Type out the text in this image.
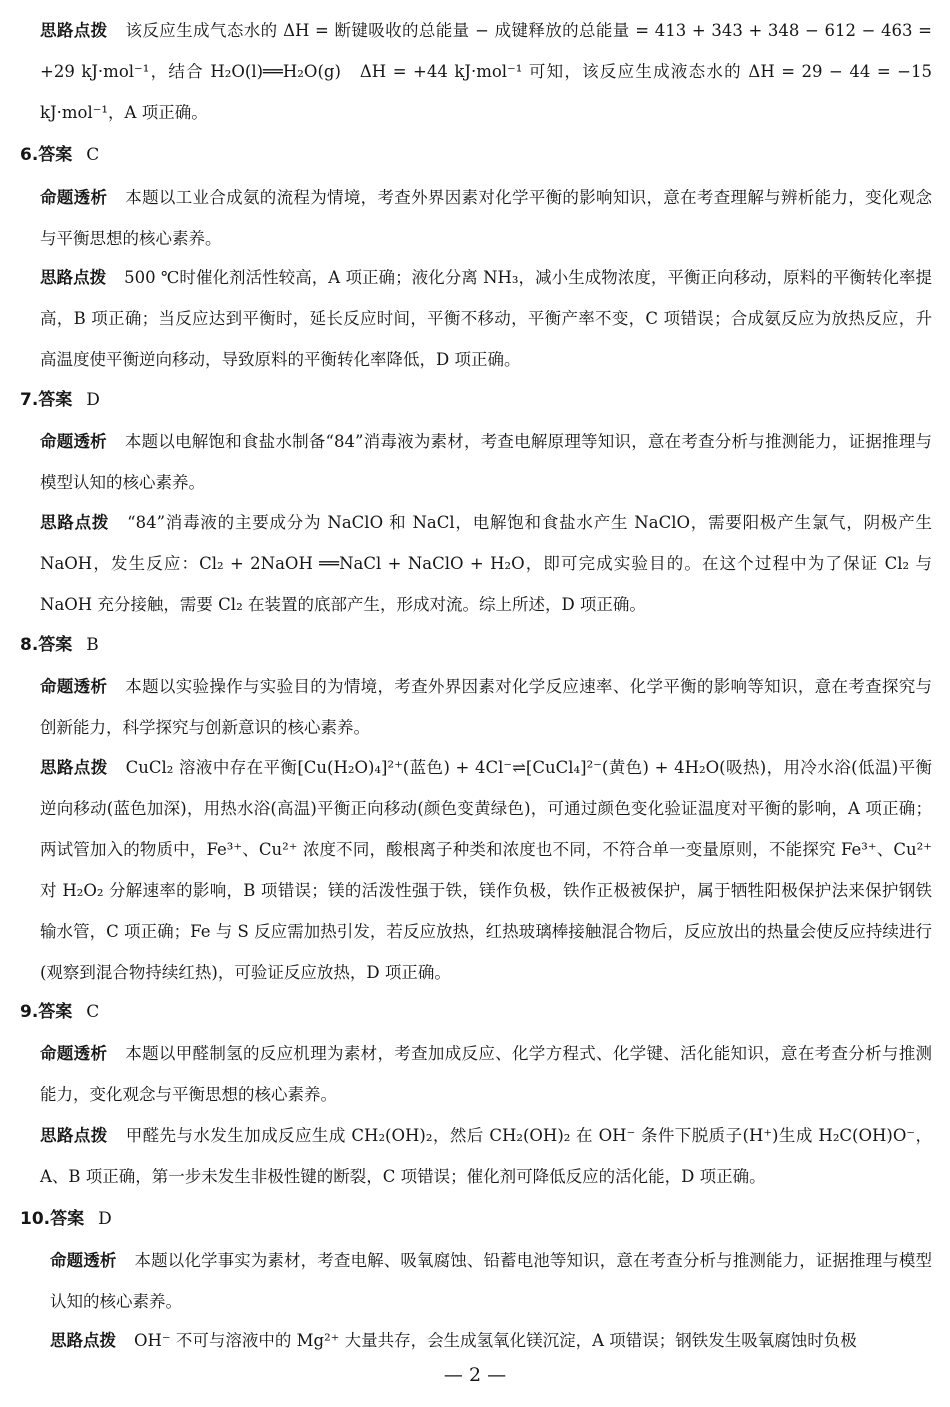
思路点拨 该反应生成气态水的 ΔH = 断键吸收的总能量 − 成键释放的总能量 = 413 + 343 + 348 − 612 − 463 = +29 kJ·mol⁻¹，结合 H₂O(l)══H₂O(g)　ΔH = +44 kJ·mol⁻¹ 可知，该反应生成液态水的 ΔH = 29 − 44 = −15 kJ·mol⁻¹，A 项正确。
6.答案 C
命题透析 本题以工业合成氨的流程为情境，考查外界因素对化学平衡的影响知识，意在考查理解与辨析能力，变化观念与平衡思想的核心素养。
思路点拨 500 ℃时催化剂活性较高，A 项正确；液化分离 NH₃，减小生成物浓度，平衡正向移动，原料的平衡转化率提高，B 项正确；当反应达到平衡时，延长反应时间，平衡不移动，平衡产率不变，C 项错误；合成氨反应为放热反应，升高温度使平衡逆向移动，导致原料的平衡转化率降低，D 项正确。
7.答案 D
命题透析 本题以电解饱和食盐水制备“84”消毒液为素材，考查电解原理等知识，意在考查分析与推测能力，证据推理与模型认知的核心素养。
思路点拨 “84”消毒液的主要成分为 NaClO 和 NaCl，电解饱和食盐水产生 NaClO，需要阳极产生氯气，阴极产生 NaOH，发生反应：Cl₂ + 2NaOH ══NaCl + NaClO + H₂O，即可完成实验目的。在这个过程中为了保证 Cl₂ 与 NaOH 充分接触，需要 Cl₂ 在装置的底部产生，形成对流。综上所述，D 项正确。
8.答案 B
命题透析 本题以实验操作与实验目的为情境，考查外界因素对化学反应速率、化学平衡的影响等知识，意在考查探究与创新能力，科学探究与创新意识的核心素养。
思路点拨 CuCl₂ 溶液中存在平衡[Cu(H₂O)₄]²⁺(蓝色) + 4Cl⁻⇌[CuCl₄]²⁻(黄色) + 4H₂O(吸热)，用冷水浴(低温)平衡逆向移动(蓝色加深)，用热水浴(高温)平衡正向移动(颜色变黄绿色)，可通过颜色变化验证温度对平衡的影响，A 项正确；两试管加入的物质中，Fe³⁺、Cu²⁺ 浓度不同，酸根离子种类和浓度也不同，不符合单一变量原则，不能探究 Fe³⁺、Cu²⁺ 对 H₂O₂ 分解速率的影响，B 项错误；镁的活泼性强于铁，镁作负极，铁作正极被保护，属于牺牲阳极保护法来保护钢铁输水管，C 项正确；Fe 与 S 反应需加热引发，若反应放热，红热玻璃棒接触混合物后，反应放出的热量会使反应持续进行(观察到混合物持续红热)，可验证反应放热，D 项正确。
9.答案 C
命题透析 本题以甲醛制氢的反应机理为素材，考查加成反应、化学方程式、化学键、活化能知识，意在考查分析与推测能力，变化观念与平衡思想的核心素养。
思路点拨 甲醛先与水发生加成反应生成 CH₂(OH)₂，然后 CH₂(OH)₂ 在 OH⁻ 条件下脱质子(H⁺)生成 H₂C(OH)O⁻，A、B 项正确，第一步未发生非极性键的断裂，C 项错误；催化剂可降低反应的活化能，D 项正确。
10.答案 D
命题透析 本题以化学事实为素材，考查电解、吸氧腐蚀、铅蓄电池等知识，意在考查分析与推测能力，证据推理与模型认知的核心素养。
思路点拨 OH⁻ 不可与溶液中的 Mg²⁺ 大量共存，会生成氢氧化镁沉淀，A 项错误；钢铁发生吸氧腐蚀时负极
— 2 —
